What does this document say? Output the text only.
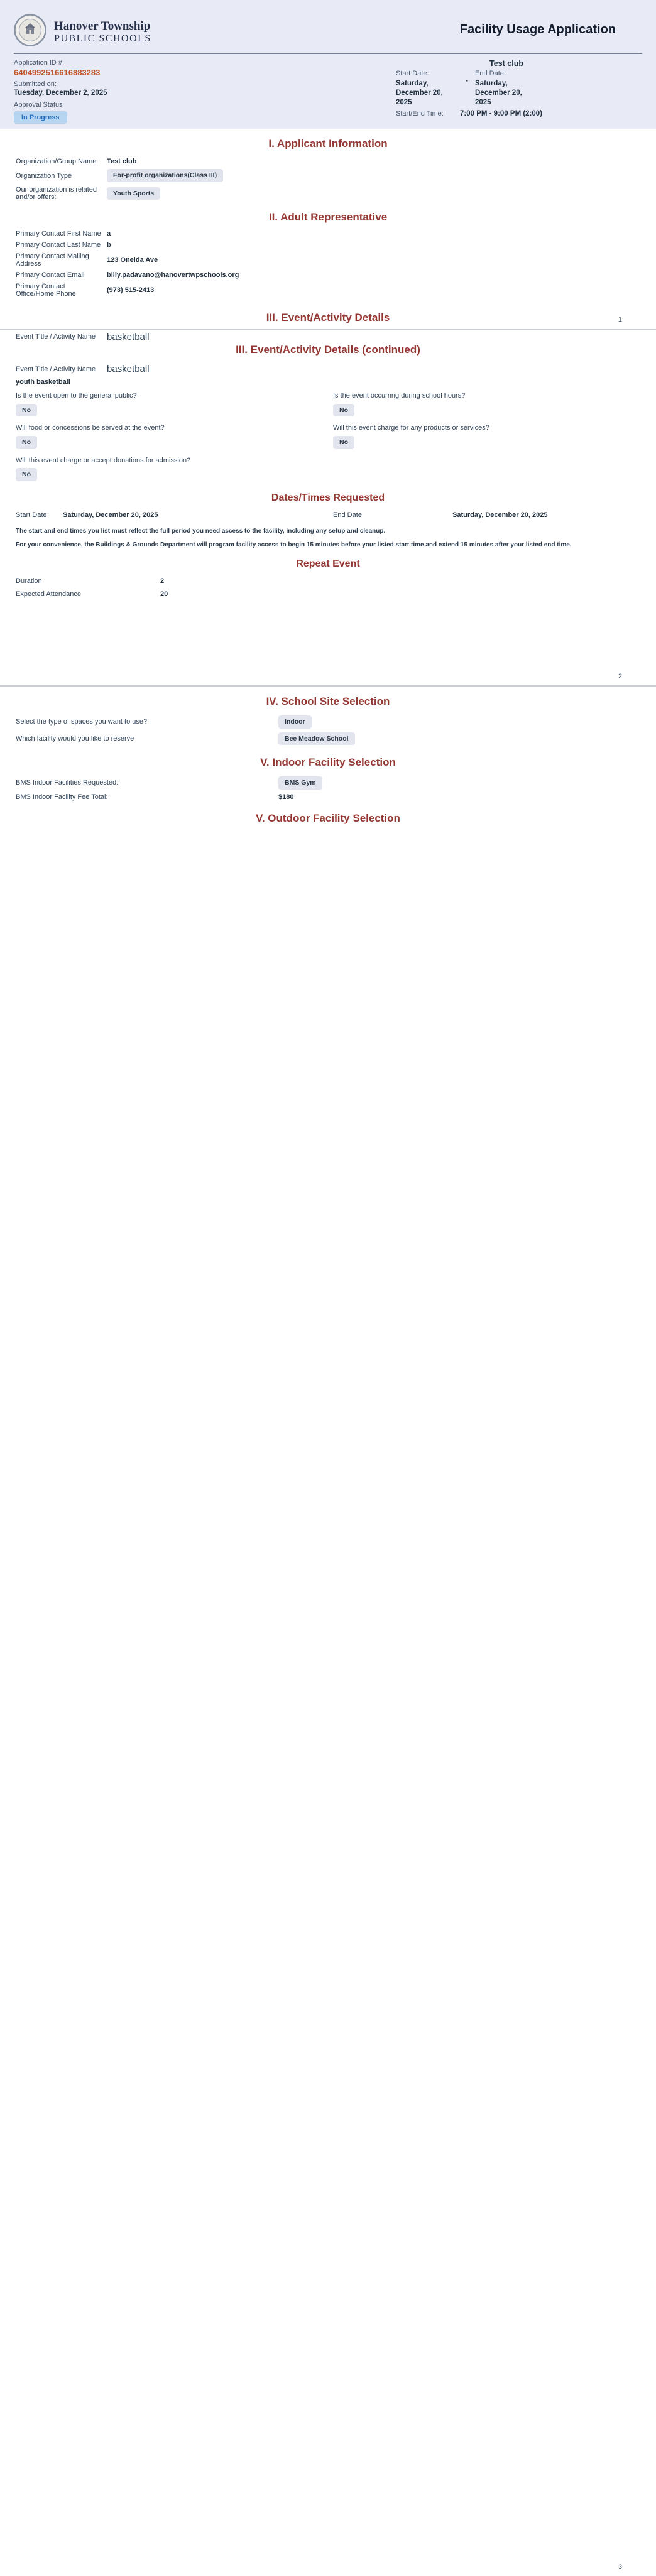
Hanover Township
PUBLIC SCHOOLS
Facility Usage Application
Application ID #:
6404992516616883283
Submitted on:
Tuesday, December 2, 2025
Approval Status
In Progress
Test club
Start Date:
Saturday, December 20, 2025
-
End Date:
Saturday, December 20, 2025
Start/End Time:	7:00 PM - 9:00 PM (2:00)
I. Applicant Information
Organization/Group Name	Test club
Organization Type	For-profit organizations(Class III)
Our organization is related and/or offers:
Youth Sports
II. Adult Representative
Primary Contact First Name a
Primary Contact Last Name b
Primary Contact Mailing Address	123 Oneida Ave
Primary Contact Email	billy.padavano@hanovertwpschools.org
Primary Contact Office/Home Phone	(973) 515-2413
III. Event/Activity Details
Event Title / Activity Name	basketball
1
III. Event/Activity Details (continued)
Event Title / Activity Name	basketball
youth basketball
Is the event open to the general public?
No
Is the event occurring during school hours?
No
Will food or concessions be served at the event?
No
Will this event charge for any products or services?
No
Will this event charge or accept donations for admission?
No
Dates/Times Requested
Start Date	Saturday, December 20, 2025	End Date	Saturday, December 20, 2025
The start and end times you list must reflect the full period you need access to the facility, including any setup and cleanup.
For your convenience, the Buildings & Grounds Department will program facility access to begin 15 minutes before your listed start time and extend 15 minutes after your listed end time.
Repeat Event
Duration	2
Expected Attendance	20
2
IV. School Site Selection
Select the type of spaces you want to use?	Indoor
Which facility would you like to reserve	Bee Meadow School
V. Indoor Facility Selection
BMS Indoor Facilities Requested:	BMS Gym
BMS Indoor Facility Fee Total:	$180
V. Outdoor Facility Selection
3
